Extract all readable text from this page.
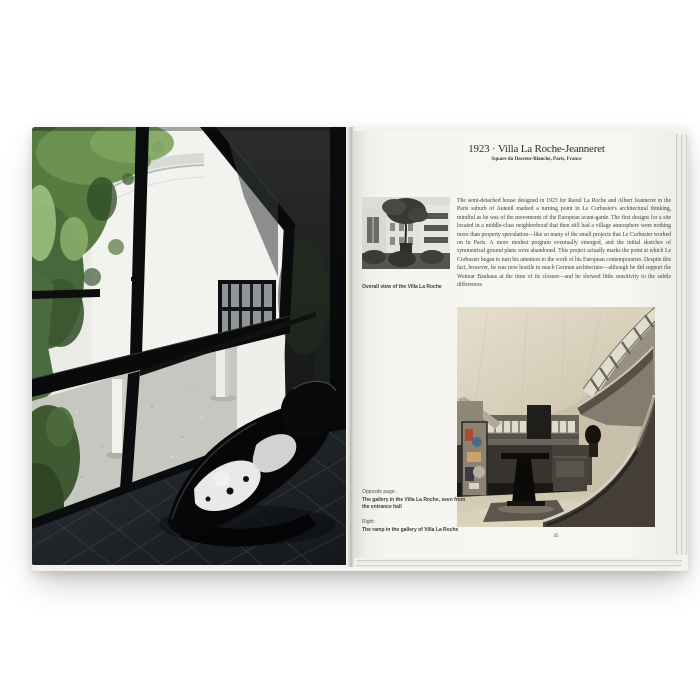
1923 · Villa La Roche-Jeanneret
Square du Docteur-Blanche, Paris, France
Overall view of the Villa La Roche
The semi-detached house designed in 1923 for Raoul La Roche and Albert Jeanneret in the Paris suburb of Auteuil marked a turning point in Le Corbusier's architectural thinking, mindful as he was of the movements of the European avant-garde. The first designs for a site located in a middle-class neighborhood that then still had a village atmosphere were nothing more than property speculation—like so many of the small projects that Le Corbusier worked on in Paris. A more modest program eventually emerged, and the initial sketches of symmetrical ground plans were abandoned. This project actually marks the point at which Le Corbusier began to turn his attention to the work of his European contemporaries. Despite this fact, however, he was now hostile to much German architecture—although he did support the Weimar Bauhaus at the time of its closure—and he showed little sensitivity to the subtle differences
Opposite page:
The gallery in the Villa La Roche, seen from the entrance hall
Right:
The ramp in the gallery of Villa La Roche
45
